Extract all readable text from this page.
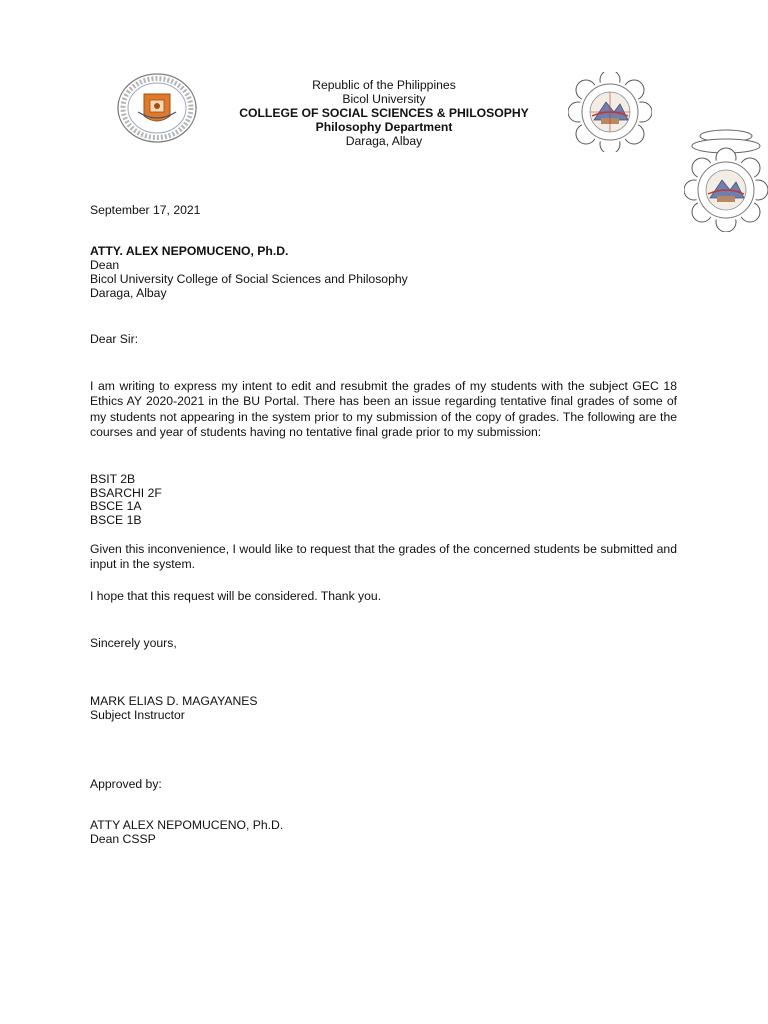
Republic of the Philippines
Bicol University
COLLEGE OF SOCIAL SCIENCES & PHILOSOPHY
Philosophy Department
Daraga, Albay
September 17, 2021
ATTY. ALEX NEPOMUCENO, Ph.D.
Dean
Bicol University College of Social Sciences and Philosophy
Daraga, Albay
Dear Sir:
I am writing to express my intent to edit and resubmit the grades of my students with the subject GEC 18 Ethics AY 2020-2021 in the BU Portal. There has been an issue regarding tentative final grades of some of my students not appearing in the system prior to my submission of the copy of grades. The following are the courses and year of students having no tentative final grade prior to my submission:
BSIT 2B
BSARCHI 2F
BSCE 1A
BSCE 1B
Given this inconvenience, I would like to request that the grades of the concerned students be submitted and input in the system.
I hope that this request will be considered. Thank you.
Sincerely yours,
MARK ELIAS D. MAGAYANES
Subject Instructor
Approved by:
ATTY ALEX NEPOMUCENO, Ph.D.
Dean CSSP
